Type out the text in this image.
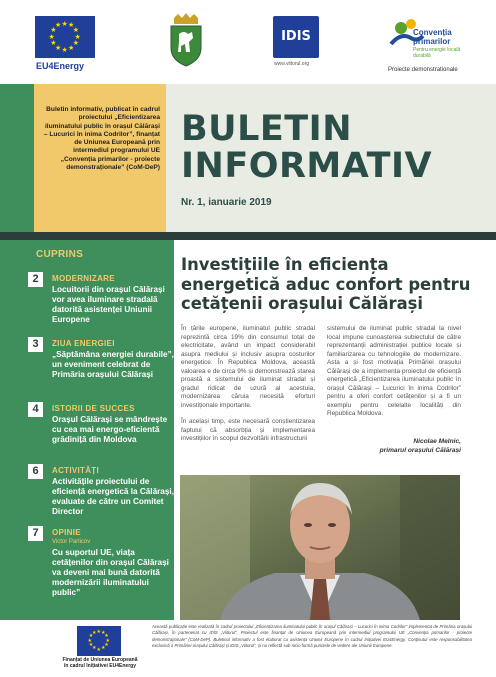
★
★
★
★
★
★
★
★
★ ★ ★
★
EU4Energy
IDIS
www.viitorul.org
Convenția
primarilor
Pentru energie locală durabilă
Proiecte demonstrationale
Buletin informativ, publicat în cadrul proiectului „Eficientizarea iluminatului public în orașul Călărași – Lucurici în inima Codrilor”, finanțat de Uniunea Europeană prin intermediul programului UE „Convenția primarilor - proiecte demonstraționale” (CoM-DeP)
BULETIN
INFORMATIV
Nr. 1, ianuarie 2019
CUPRINS
2	MODERNIZARE
Locuitorii din orașul Călărași vor avea iluminare stradală datorită asistenței Uniunii Europene
3	ZIUA ENERGIEI
„Săptămâna energiei durabile”, un eveniment celebrat de Primăria orașului Călărași
4	ISTORII DE SUCCES
Orașul Călărași se mândrește cu cea mai energo-eficientă grădiniță din Moldova
6	ACTIVITĂȚI
Activitățile proiectului de eficiență energetică la Călărași, evaluate de către un Comitet Director
7	OPINIE
Victor Parlicov
Cu suportul UE, viața cetățenilor din orașul Călărași va deveni mai bună datorită modernizării iluminatului public”
Investițiile în eficiența energetică aduc confort pentru cetățenii orașului Călărași

În țările europene, iluminatul public stradal reprezintă circa 19% din consumul total de electricitate, având un impact considerabil asupra mediului și inclusiv asupra costurilor energetice. În Republica Moldova, această valoarea e de circa 9% și demonstrează starea proastă a sistemului de iluminat stradal și gradul ridicat de uzură al acestuia, modernizarea căruia necesită eforturi investiționale importante.

În același timp, este necesară conștientizarea faptului că absorbția și implementarea investițiilor în scopul dezvoltării infrastructurii

sistemului de iluminat public stradal la nivel local impune cunoașterea subiectului de către reprezentanții administrației publice locale și familiarizarea cu tehnologiile de modernizare. Asta a și fost motivația Primăriei orașului Călărași de a implementa proiectul de eficiență energetică „Eficientizarea iluminatului public în orașul Călărași – Lucurici în inima Codrilor” pentru a oferi confort cetățenilor și a fi un exemplu pentru celelalte localități din Republica Moldova.

Nicolae Melnic,
primarul orașului Călărași
★
★
★
★
★
★
★
★
★ ★ ★
★
Finanțat de Uniunea Europeană în cadrul Inițiativei EU4Energy
Această publicație este realizată în cadrul proiectului „Eficientizarea iluminatului public în orașul Călărași – Lucurici în inima Codrilor” implementat de Primăria orașului Călărași, în parteneriat cu IDIS „Viitorul”. Proiectul este finanțat de Uniunea Europeană prin intermediul programului UE „Convenția primarilor - proiecte demonstraționale” (CoM-DeP). Buletinul informativ a fost elaborat cu asistența Uniunii Europene în cadrul Inițiativei EU4Energy. Conținutul este responsabilitatea exclusivă a Primăriei orașului Călărași și IDIS „Viitorul”, și nu reflectă sub nicio formă punctele de vedere ale Uniunii Europene.
